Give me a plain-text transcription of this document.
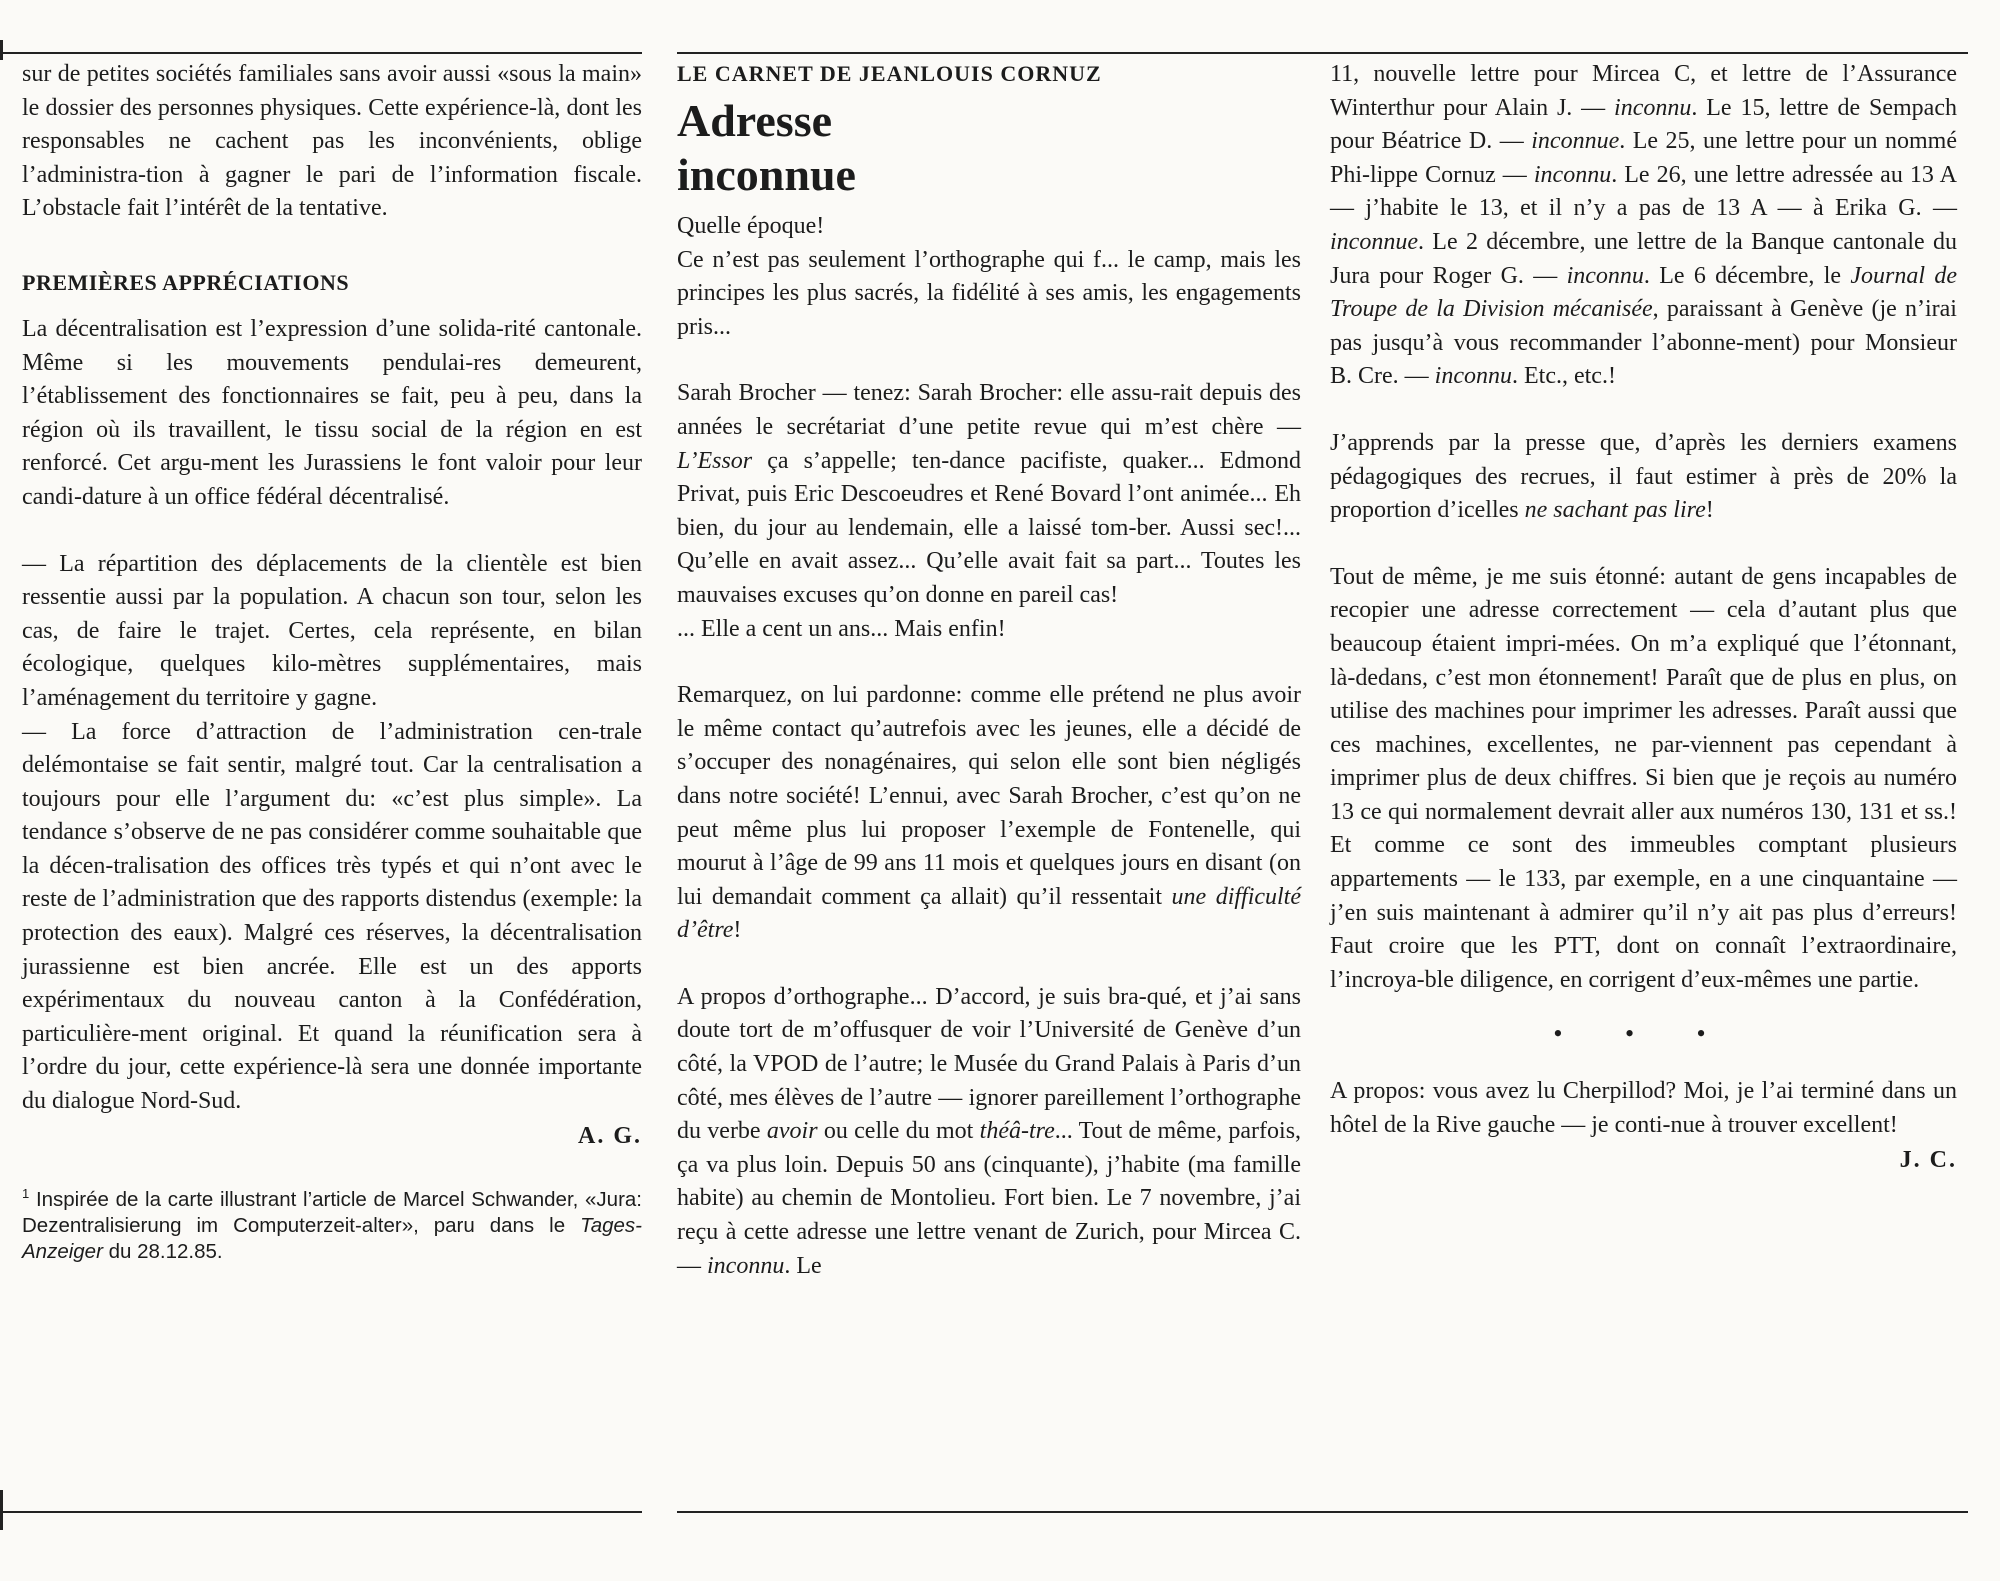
sur de petites sociétés familiales sans avoir aussi «sous la main» le dossier des personnes physiques. Cette expérience-là, dont les responsables ne cachent pas les inconvénients, oblige l’administra-tion à gagner le pari de l’information fiscale. L’obstacle fait l’intérêt de la tentative.

PREMIÈRES APPRÉCIATIONS

La décentralisation est l’expression d’une solida-rité cantonale. Même si les mouvements pendulai-res demeurent, l’établissement des fonctionnaires se fait, peu à peu, dans la région où ils travaillent, le tissu social de la région en est renforcé. Cet argu-ment les Jurassiens le font valoir pour leur candi-dature à un office fédéral décentralisé.

— La répartition des déplacements de la clientèle est bien ressentie aussi par la population. A chacun son tour, selon les cas, de faire le trajet. Certes, cela représente, en bilan écologique, quelques kilo-mètres supplémentaires, mais l’aménagement du territoire y gagne.

— La force d’attraction de l’administration cen-trale delémontaise se fait sentir, malgré tout. Car la centralisation a toujours pour elle l’argument du: «c’est plus simple». La tendance s’observe de ne pas considérer comme souhaitable que la décen-tralisation des offices très typés et qui n’ont avec le reste de l’administration que des rapports distendus (exemple: la protection des eaux). Malgré ces réserves, la décentralisation jurassienne est bien ancrée. Elle est un des apports expérimentaux du nouveau canton à la Confédération, particulière-ment original. Et quand la réunification sera à l’ordre du jour, cette expérience-là sera une donnée importante du dialogue Nord-Sud.

A. G.
$^1$ Inspirée de la carte illustrant l’article de Marcel Schwander, «Jura: Dezentralisierung im Computerzeit-alter», paru dans le Tages-Anzeiger du 28.12.85.
LE CARNET DE JEANLOUIS CORNUZ
Adresse
inconnue

Quelle époque!

Ce n’est pas seulement l’orthographe qui f... le camp, mais les principes les plus sacrés, la fidélité à ses amis, les engagements pris...

Sarah Brocher — tenez: Sarah Brocher: elle assu-rait depuis des années le secrétariat d’une petite revue qui m’est chère — L’Essor ça s’appelle; ten-dance pacifiste, quaker... Edmond Privat, puis Eric Descoeudres et René Bovard l’ont animée... Eh bien, du jour au lendemain, elle a laissé tom-ber. Aussi sec!... Qu’elle en avait assez... Qu’elle avait fait sa part... Toutes les mauvaises excuses qu’on donne en pareil cas!

... Elle a cent un ans... Mais enfin!

Remarquez, on lui pardonne: comme elle prétend ne plus avoir le même contact qu’autrefois avec les jeunes, elle a décidé de s’occuper des nonagénaires, qui selon elle sont bien négligés dans notre société! L’ennui, avec Sarah Brocher, c’est qu’on ne peut même plus lui proposer l’exemple de Fontenelle, qui mourut à l’âge de 99 ans 11 mois et quelques jours en disant (on lui demandait comment ça allait) qu’il ressentait une difficulté d’être!

A propos d’orthographe... D’accord, je suis bra-qué, et j’ai sans doute tort de m’offusquer de voir l’Université de Genève d’un côté, la VPOD de l’autre; le Musée du Grand Palais à Paris d’un côté, mes élèves de l’autre — ignorer pareillement l’orthographe du verbe avoir ou celle du mot théâ-tre... Tout de même, parfois, ça va plus loin. Depuis 50 ans (cinquante), j’habite (ma famille habite) au chemin de Montolieu. Fort bien. Le 7 novembre, j’ai reçu à cette adresse une lettre venant de Zurich, pour Mircea C. — inconnu. Le

11, nouvelle lettre pour Mircea C, et lettre de l’Assurance Winterthur pour Alain J. — inconnu. Le 15, lettre de Sempach pour Béatrice D. — inconnue. Le 25, une lettre pour un nommé Phi-lippe Cornuz — inconnu. Le 26, une lettre adressée au 13 A — j’habite le 13, et il n’y a pas de 13 A — à Erika G. — inconnue. Le 2 décembre, une lettre de la Banque cantonale du Jura pour Roger G. — inconnu. Le 6 décembre, le Journal de Troupe de la Division mécanisée, paraissant à Genève (je n’irai pas jusqu’à vous recommander l’abonne-ment) pour Monsieur B. Cre. — inconnu. Etc., etc.!

J’apprends par la presse que, d’après les derniers examens pédagogiques des recrues, il faut estimer à près de 20% la proportion d’icelles ne sachant pas lire!

Tout de même, je me suis étonné: autant de gens incapables de recopier une adresse correctement — cela d’autant plus que beaucoup étaient impri-mées. On m’a expliqué que l’étonnant, là-dedans, c’est mon étonnement! Paraît que de plus en plus, on utilise des machines pour imprimer les adresses. Paraît aussi que ces machines, excellentes, ne par-viennent pas cependant à imprimer plus de deux chiffres. Si bien que je reçois au numéro 13 ce qui normalement devrait aller aux numéros 130, 131 et ss.! Et comme ce sont des immeubles comptant plusieurs appartements — le 133, par exemple, en a une cinquantaine — j’en suis maintenant à admirer qu’il n’y ait pas plus d’erreurs! Faut croire que les PTT, dont on connaît l’extraordinaire, l’incroya-ble diligence, en corrigent d’eux-mêmes une partie.

• • •

A propos: vous avez lu Cherpillod? Moi, je l’ai terminé dans un hôtel de la Rive gauche — je conti-nue à trouver excellent!

J. C.
